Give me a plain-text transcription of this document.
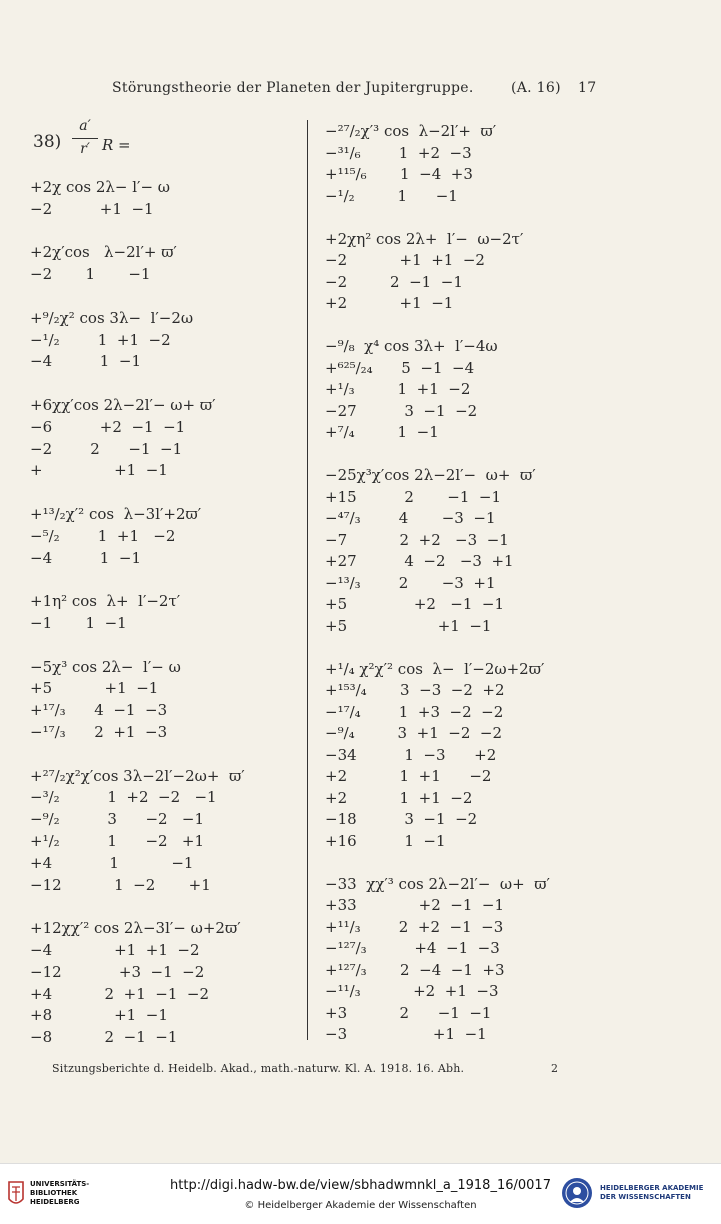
Störungstheorie der Planeten der Jupitergruppe.	(A. 16) 17
38)
a′
r′ R =
+2χ cos 2λ− l′− ω
−2          +1  −1
+2χ′cos   λ−2l′+ ϖ′
−2       1       −1
+⁹/₂χ² cos 3λ−  l′−2ω
−¹/₂        1  +1  −2
−4          1  −1
+6χχ′cos 2λ−2l′− ω+ ϖ′
−6          +2  −1  −1
−2        2      −1  −1
+               +1  −1
+¹³/₂χ′² cos  λ−3l′+2ϖ′
−⁵/₂        1  +1   −2
−4          1  −1
+1η² cos  λ+  l′−2τ′
−1       1  −1
−5χ³ cos 2λ−  l′− ω
+5           +1  −1
+¹⁷/₃      4  −1  −3
−¹⁷/₃      2  +1  −3
+²⁷/₂χ²χ′cos 3λ−2l′−2ω+  ϖ′
−³/₂          1  +2  −2   −1
−⁹/₂          3      −2   −1
+¹/₂          1      −2   +1
+4            1           −1
−12           1  −2       +1
+12χχ′² cos 2λ−3l′− ω+2ϖ′
−4             +1  +1  −2
−12            +3  −1  −2
+4           2  +1  −1  −2
+8             +1  −1
−8           2  −1  −1
−²⁷/₂χ′³ cos  λ−2l′+  ϖ′
−³¹/₆        1  +2  −3
+¹¹⁵/₆       1  −4  +3
−¹/₂         1      −1
+2χη² cos 2λ+  l′−  ω−2τ′
−2           +1  +1  −2
−2         2  −1  −1
+2           +1  −1
−⁹/₈  χ⁴ cos 3λ+  l′−4ω
+⁶²⁵/₂₄      5  −1  −4
+¹/₃         1  +1  −2
−27          3  −1  −2
+⁷/₄         1  −1
−25χ³χ′cos 2λ−2l′−  ω+  ϖ′
+15          2       −1  −1
−⁴⁷/₃        4       −3  −1
−7           2  +2   −3  −1
+27          4  −2   −3  +1
−¹³/₃        2       −3  +1
+5              +2   −1  −1
+5                   +1  −1
+¹/₄ χ²χ′² cos  λ−  l′−2ω+2ϖ′
+¹⁵³/₄       3  −3  −2  +2
−¹⁷/₄        1  +3  −2  −2
−⁹/₄         3  +1  −2  −2
−34          1  −3      +2
+2           1  +1      −2
+2           1  +1  −2
−18          3  −1  −2
+16          1  −1
−33  χχ′³ cos 2λ−2l′−  ω+  ϖ′
+33             +2  −1  −1
+¹¹/₃        2  +2  −1  −3
−¹²⁷/₃          +4  −1  −3
+¹²⁷/₃       2  −4  −1  +3
−¹¹/₃           +2  +1  −3
+3           2      −1  −1
−3                  +1  −1
Sitzungsberichte d. Heidelb. Akad., math.-naturw. Kl. A. 1918. 16. Abh.	2
UNIVERSITÄTS-
BIBLIOTHEK
HEIDELBERG
http://digi.hadw-bw.de/view/sbhadwmnkl_a_1918_16/0017
© Heidelberger Akademie der Wissenschaften
HEIDELBERGER AKADEMIE
DER WISSENSCHAFTEN
